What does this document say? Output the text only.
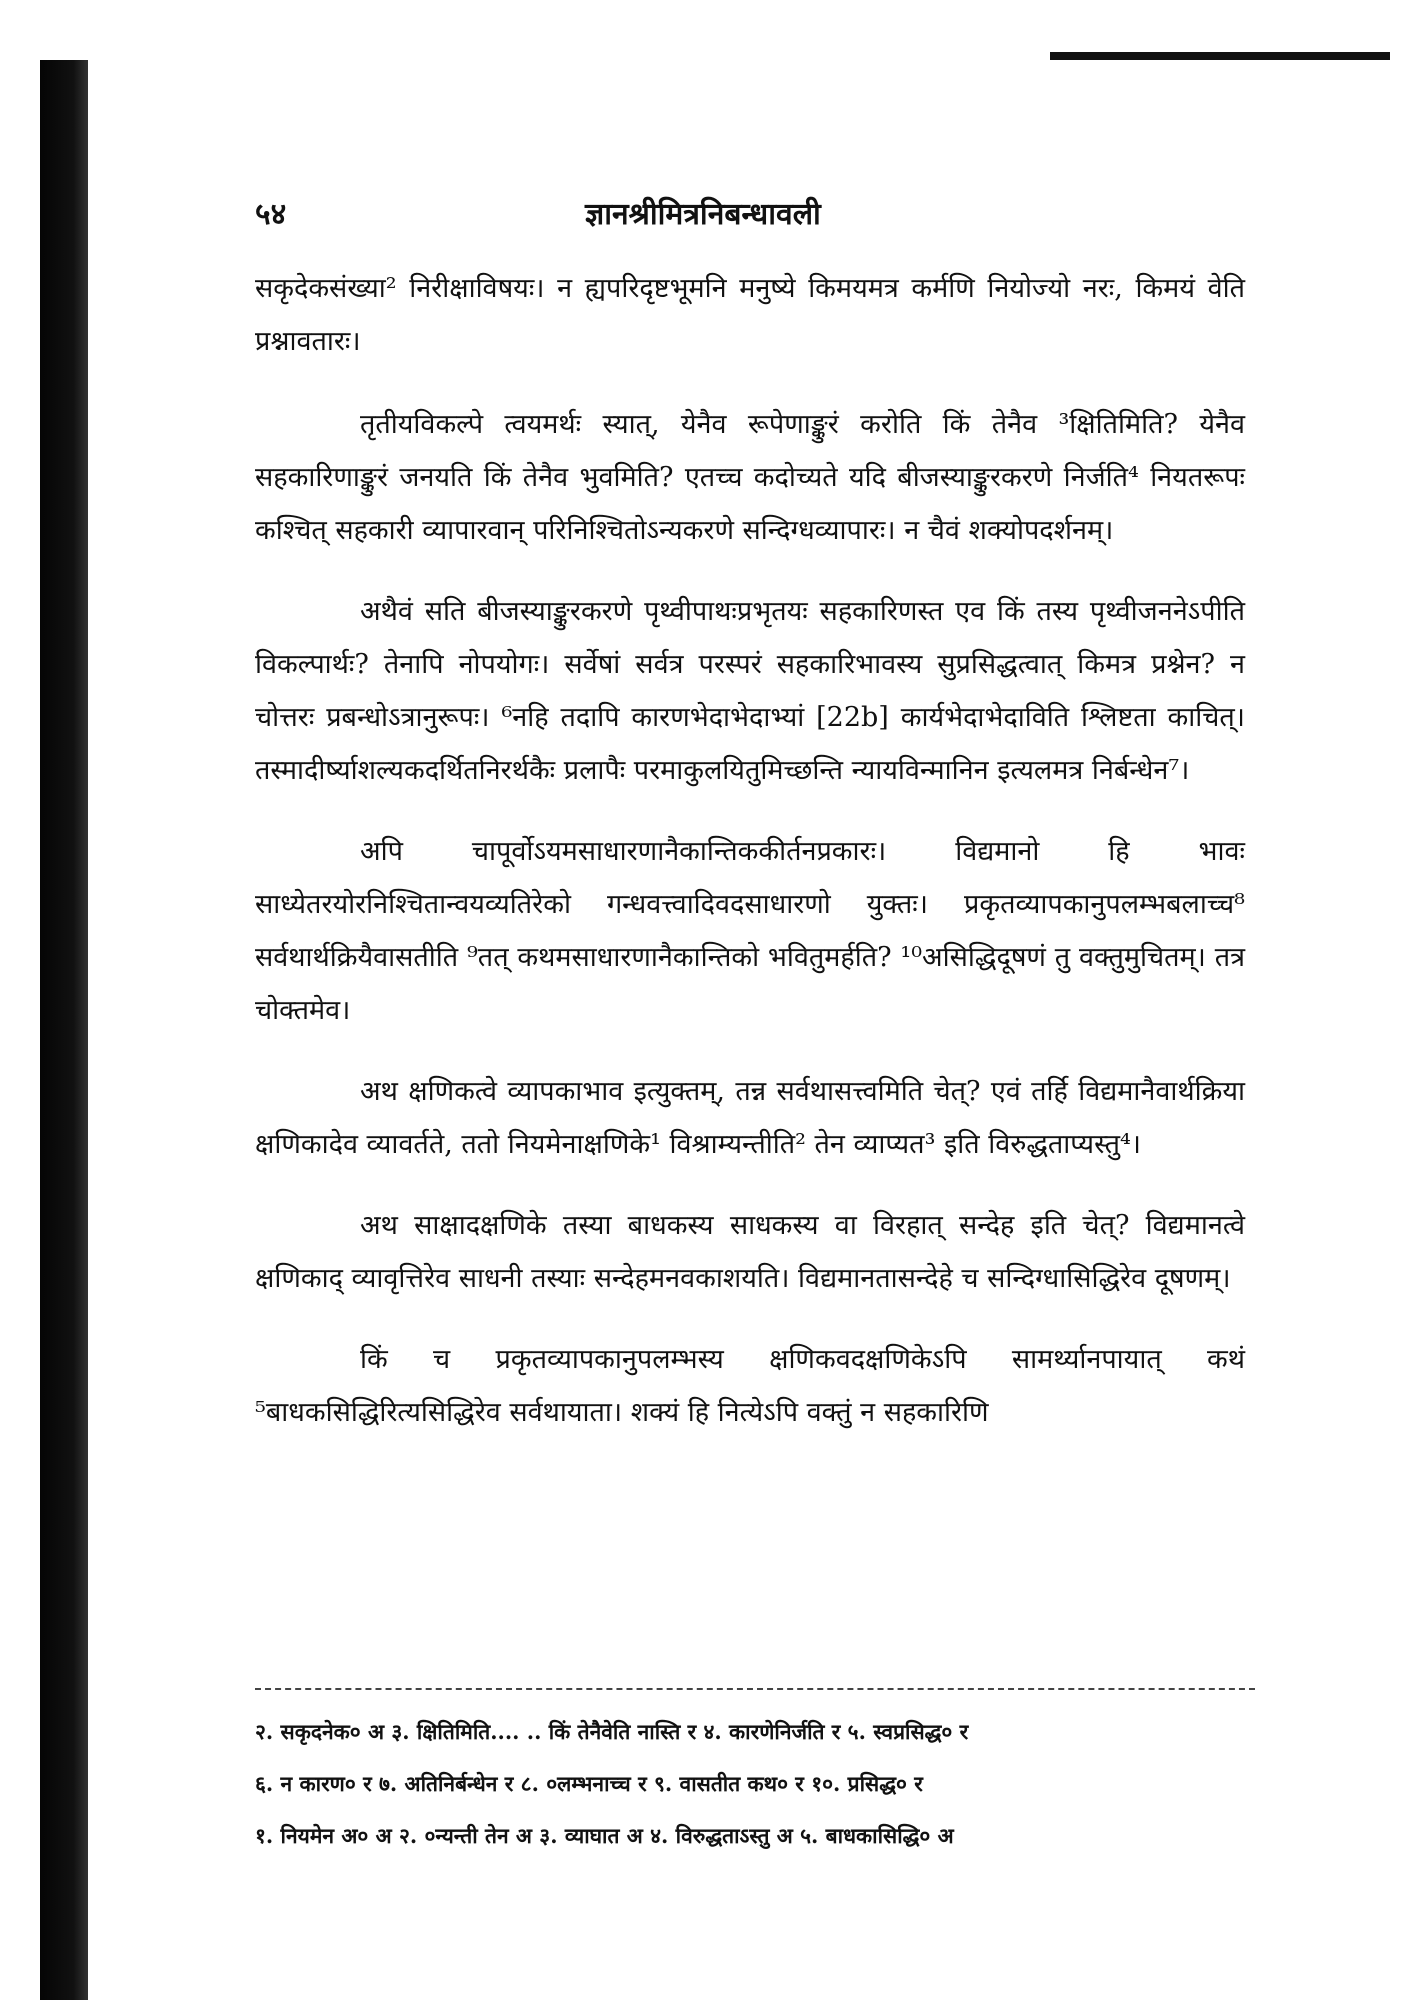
५४	ज्ञानश्रीमित्रनिबन्धावली

सकृदेकसंख्या² निरीक्षाविषयः। न ह्यपरिदृष्टभूमनि मनुष्ये किमयमत्र कर्मणि नियोज्यो नरः, किमयं वेति प्रश्नावतारः।

तृतीयविकल्पे त्वयमर्थः स्यात्, येनैव रूपेणाङ्कुरं करोति किं तेनैव ³क्षितिमिति? येनैव सहकारिणाङ्कुरं जनयति किं तेनैव भुवमिति? एतच्च कदोच्यते यदि बीजस्याङ्कुरकरणे निर्जति⁴ नियतरूपः कश्चित् सहकारी व्यापारवान् परिनिश्चितोऽन्यकरणे सन्दिग्धव्यापारः। न चैवं शक्योपदर्शनम्।

अथैवं सति बीजस्याङ्कुरकरणे पृथ्वीपाथःप्रभृतयः सहकारिणस्त एव किं तस्य पृथ्वीजननेऽपीति विकल्पार्थः? तेनापि नोपयोगः। सर्वेषां सर्वत्र परस्परं सहकारिभावस्य सुप्रसिद्धत्वात् किमत्र प्रश्नेन? न चोत्तरः प्रबन्धोऽत्रानुरूपः। ⁶नहि तदापि कारणभेदाभेदाभ्यां [22b] कार्यभेदाभेदाविति श्लिष्टता काचित्। तस्मादीर्ष्याशल्यकदर्थितनिरर्थकैः प्रलापैः परमाकुलयितुमिच्छन्ति न्यायविन्मानिन इत्यलमत्र निर्बन्धेन⁷।

अपि चापूर्वोऽयमसाधारणानैकान्तिककीर्तनप्रकारः। विद्यमानो हि भावः साध्येतरयोरनिश्चितान्वयव्यतिरेको गन्धवत्त्वादिवदसाधारणो युक्तः। प्रकृतव्यापकानुपलम्भबलाच्च⁸ सर्वथार्थक्रियैवासतीति ⁹तत् कथमसाधारणानैकान्तिको भवितुमर्हति? ¹⁰असिद्धिदूषणं तु वक्तुमुचितम्। तत्र चोक्तमेव।

अथ क्षणिकत्वे व्यापकाभाव इत्युक्तम्, तन्न सर्वथासत्त्वमिति चेत्? एवं तर्हि विद्यमानैवार्थक्रिया क्षणिकादेव व्यावर्तते, ततो नियमेनाक्षणिके¹ विश्राम्यन्तीति² तेन व्याप्यत³ इति विरुद्धताप्यस्तु⁴।

अथ साक्षादक्षणिके तस्या बाधकस्य साधकस्य वा विरहात् सन्देह इति चेत्? विद्यमानत्वे क्षणिकाद् व्यावृत्तिरेव साधनी तस्याः सन्देहमनवकाशयति। विद्यमानतासन्देहे च सन्दिग्धासिद्धिरेव दूषणम्।

किं च प्रकृतव्यापकानुपलम्भस्य क्षणिकवदक्षणिकेऽपि सामर्थ्यानपायात् कथं ⁵बाधकसिद्धिरित्यसिद्धिरेव सर्वथायाता। शक्यं हि नित्येऽपि वक्तुं न सहकारिणि

२. सकृदनेक० अ ३. क्षितिमिति.... .. किं तेनैवेति नास्ति र ४. कारणेनिर्जति र ५. स्वप्रसिद्ध० र
६. न कारण० र ७. अतिनिर्बन्धेन र ८. ०लम्भनाच्च र ९. वासतीत कथ० र १०. प्रसिद्ध० र
१. नियमेन अ० अ २. ०न्यन्ती तेन अ ३. व्याघात अ ४. विरुद्धताऽस्तु अ ५. बाधकासिद्धि० अ
